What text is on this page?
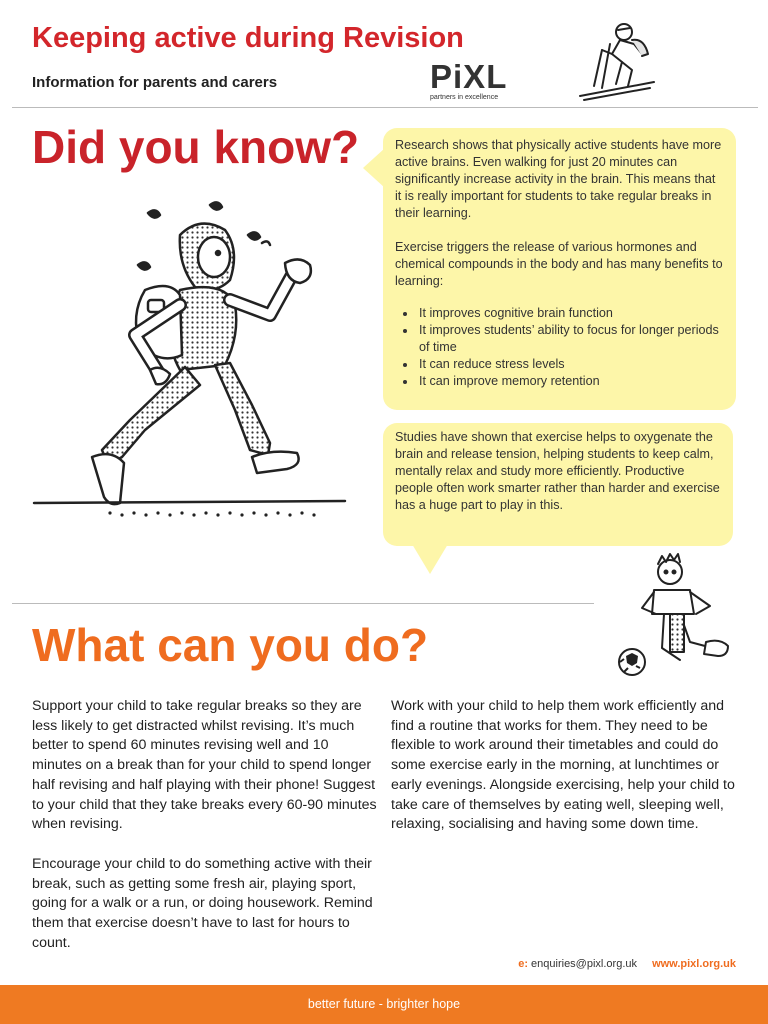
Keeping active during Revision
Information for parents and carers	PiXL
partners in excellence
Did you know?	Research shows that physically active students have more active brains. Even walking for just 20 minutes can significantly increase activity in the brain. This means that it is really important for students to take regular breaks in their learning.

Exercise triggers the release of various hormones and chemical compounds in the body and has many benefits to learning:

• It improves cognitive brain function
• It improves students’ ability to focus for longer periods of time
• It can reduce stress levels
• It can improve memory retention

Studies have shown that exercise helps to oxygenate the brain and release tension, helping students to keep calm, mentally relax and study more efficiently. Productive people often work smarter rather than harder and exercise has a huge part to play in this.

What can you do?

Support your child to take regular breaks so they are less likely to get distracted whilst revising. It’s much better to spend 60 minutes revising well and 10 minutes on a break than for your child to spend longer half revising and half playing with their phone! Suggest to your child that they take breaks every 60-90 minutes when revising.

Encourage your child to do something active with their break, such as getting some fresh air, playing sport, going for a walk or a run, or doing housework. Remind them that exercise doesn’t have to last for hours to count.

Work with your child to help them work efficiently and find a routine that works for them. They need to be flexible to work around their timetables and could do some exercise early in the morning, at lunchtimes or early evenings. Alongside exercising, help your child to take care of themselves by eating well, sleeping well, relaxing, socialising and having some down time.

e: enquiries@pixl.org.uk www.pixl.org.uk
better future - brighter hope
